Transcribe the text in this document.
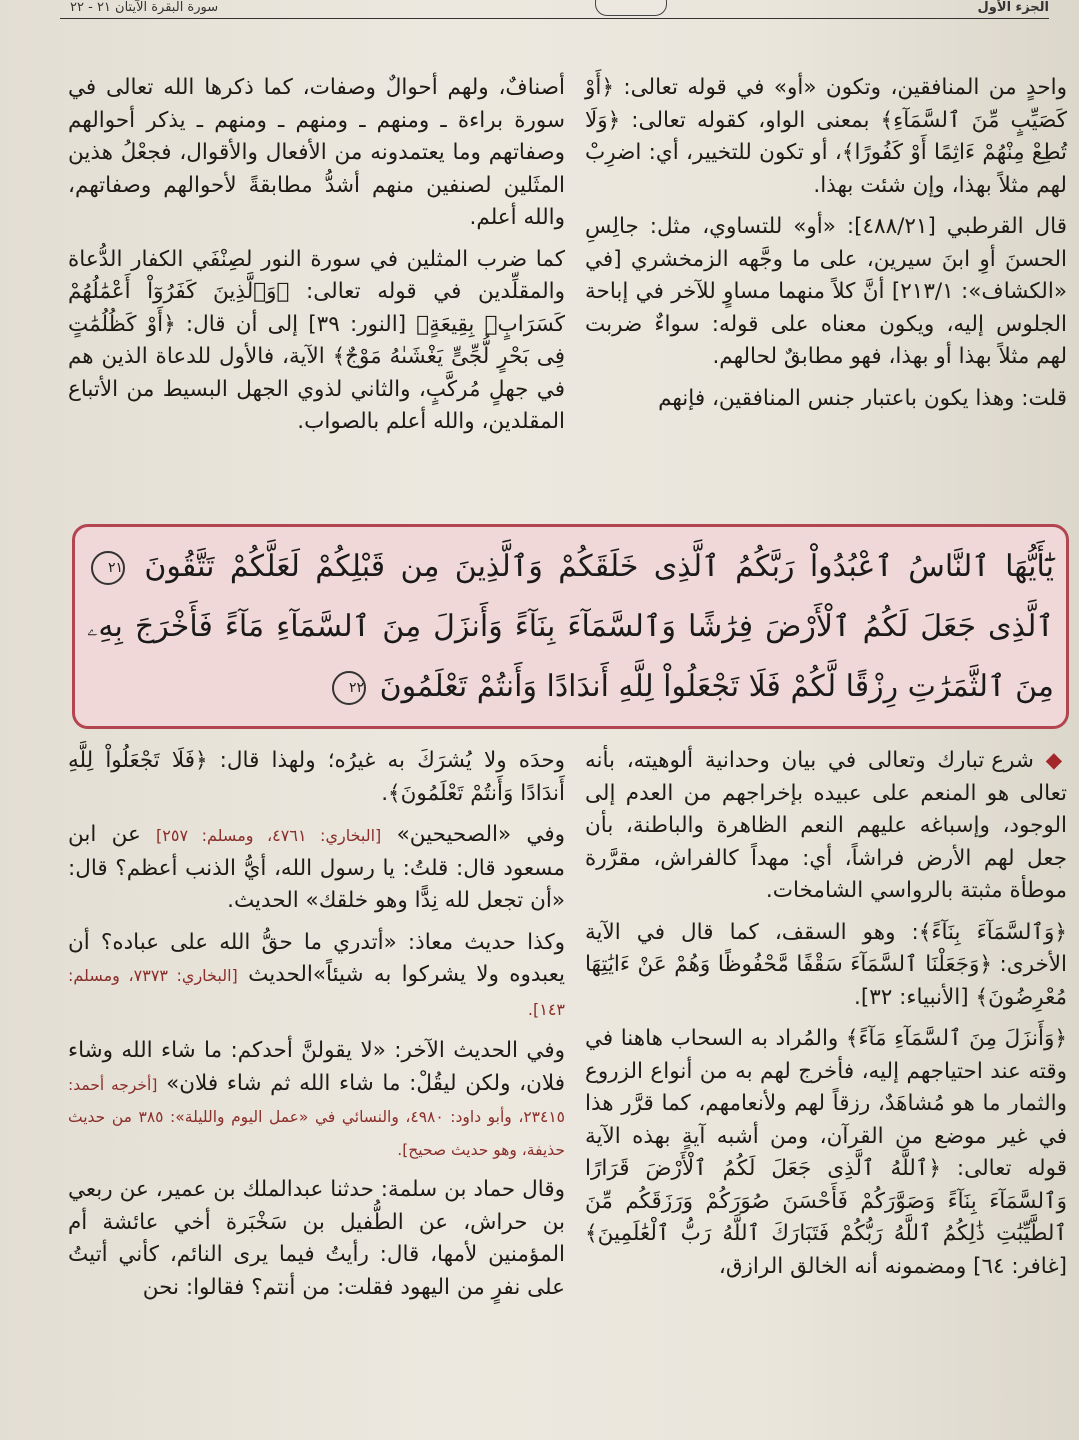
سورة البقرة الآيتان ٢١ - ٢٢	الجزء الأول

واحدٍ من المنافقين، وتكون «أو» في قوله تعالى: ﴿أَوْ كَصَيِّبٍ مِّنَ ٱلسَّمَآءِ﴾ بمعنى الواو، كقوله تعالى: ﴿وَلَا تُطِعْ مِنْهُمْ ءَاثِمًا أَوْ كَفُورًا﴾، أو تكون للتخيير، أي: اضرِبْ لهم مثلاً بهذا، وإن شئت بهذا.

قال القرطبي [٤٨٨/٢١]: «أو» للتساوي، مثل: جالِسِ الحسنَ أوِ ابنَ سيرين، على ما وجَّهه الزمخشري [في «الكشاف»: ٢١٣/١] أنَّ كلاً منهما مساوٍ للآخر في إباحة الجلوس إليه، ويكون معناه على قوله: سواءٌ ضربت لهم مثلاً بهذا أو بهذا، فهو مطابقٌ لحالهم.

قلت: وهذا يكون باعتبار جنس المنافقين، فإنهم

أصنافٌ، ولهم أحوالٌ وصفات، كما ذكرها الله تعالى في سورة براءة ـ ومنهم ـ ومنهم ـ ومنهم ـ يذكر أحوالهم وصفاتهم وما يعتمدونه من الأفعال والأقوال، فجعْلُ هذين المثَلين لصنفين منهم أشدُّ مطابقةً لأحوالهم وصفاتهم، والله أعلم.

كما ضرب المثلين في سورة النور لصِنْفَي الكفار الدُّعاة والمقلِّدين في قوله تعالى: ﴿وَٱلَّذِينَ كَفَرُوٓاْ أَعْمَٰلُهُمْ كَسَرَابٍۭ بِقِيعَةٍ﴾ [النور: ٣٩] إلى أن قال: ﴿أَوْ كَظُلُمَٰتٍ فِى بَحْرٍ لُّجِّىٍّ يَغْشَىٰهُ مَوْجٌ﴾ الآية، فالأول للدعاة الذين هم في جهلٍ مُركَّبٍ، والثاني لذوي الجهل البسيط من الأتباع المقلدين، والله أعلم بالصواب.

يَٰٓأَيُّهَا ٱلنَّاسُ ٱعْبُدُواْ رَبَّكُمُ ٱلَّذِى خَلَقَكُمْ وَٱلَّذِينَ مِن قَبْلِكُمْ لَعَلَّكُمْ تَتَّقُونَ ٢١ ٱلَّذِى جَعَلَ لَكُمُ ٱلْأَرْضَ فِرَٰشًا وَٱلسَّمَآءَ بِنَآءً وَأَنزَلَ مِنَ ٱلسَّمَآءِ مَآءً فَأَخْرَجَ بِهِۦ مِنَ ٱلثَّمَرَٰتِ رِزْقًا لَّكُمْ فَلَا تَجْعَلُواْ لِلَّهِ أَندَادًا وَأَنتُمْ تَعْلَمُونَ ٢٢

◆ شرع تبارك وتعالى في بيان وحدانية ألوهيته، بأنه تعالى هو المنعم على عبيده بإخراجهم من العدم إلى الوجود، وإسباغه عليهم النعم الظاهرة والباطنة، بأن جعل لهم الأرض فراشاً، أي: مهداً كالفراش، مقرَّرة موطأة مثبتة بالرواسي الشامخات.

﴿وَٱلسَّمَآءَ بِنَآءً﴾: وهو السقف، كما قال في الآية الأخرى: ﴿وَجَعَلْنَا ٱلسَّمَآءَ سَقْفًا مَّحْفُوظًا وَهُمْ عَنْ ءَايَٰتِهَا مُعْرِضُونَ﴾ [الأنبياء: ٣٢].

﴿وَأَنزَلَ مِنَ ٱلسَّمَآءِ مَآءً﴾ والمُراد به السحاب هاهنا في وقته عند احتياجهم إليه، فأخرج لهم به من أنواع الزروع والثمار ما هو مُشاهَدٌ، رزقاً لهم ولأنعامهم، كما قرَّر هذا في غير موضع من القرآن، ومن أشبه آيةٍ بهذه الآية قوله تعالى: ﴿ٱللَّهُ ٱلَّذِى جَعَلَ لَكُمُ ٱلْأَرْضَ قَرَارًا وَٱلسَّمَآءَ بِنَآءً وَصَوَّرَكُمْ فَأَحْسَنَ صُوَرَكُمْ وَرَزَقَكُم مِّنَ ٱلطَّيِّبَٰتِ ذَٰلِكُمُ ٱللَّهُ رَبُّكُمْ فَتَبَارَكَ ٱللَّهُ رَبُّ ٱلْعَٰلَمِينَ﴾ [غافر: ٦٤] ومضمونه أنه الخالق الرازق،

وحدَه ولا يُشرَكَ به غيرُه؛ ولهذا قال: ﴿فَلَا تَجْعَلُواْ لِلَّهِ أَندَادًا وَأَنتُمْ تَعْلَمُونَ﴾.

وفي «الصحيحين» [البخاري: ٤٧٦١، ومسلم: ٢٥٧] عن ابن مسعود قال: قلتُ: يا رسول الله، أيُّ الذنب أعظم؟ قال: «أن تجعل لله نِدًّا وهو خلقك» الحديث.

وكذا حديث معاذ: «أتدري ما حقُّ الله على عباده؟ أن يعبدوه ولا يشركوا به شيئاً»الحديث [البخاري: ٧٣٧٣، ومسلم: ١٤٣].

وفي الحديث الآخر: «لا يقولنَّ أحدكم: ما شاء الله وشاء فلان، ولكن ليقُلْ: ما شاء الله ثم شاء فلان» [أخرجه أحمد: ٢٣٤١٥، وأبو داود: ٤٩٨٠، والنسائي في «عمل اليوم والليلة»: ٣٨٥ من حديث حذيفة، وهو حديث صحيح].

وقال حماد بن سلمة: حدثنا عبدالملك بن عمير، عن ربعي بن حراش، عن الطُّفيل بن سَخْبَرة أخي عائشة أم المؤمنين لأمها، قال: رأيتُ فيما يرى النائم، كأني أتيتُ على نفرٍ من اليهود فقلت: من أنتم؟ فقالوا: نحن
